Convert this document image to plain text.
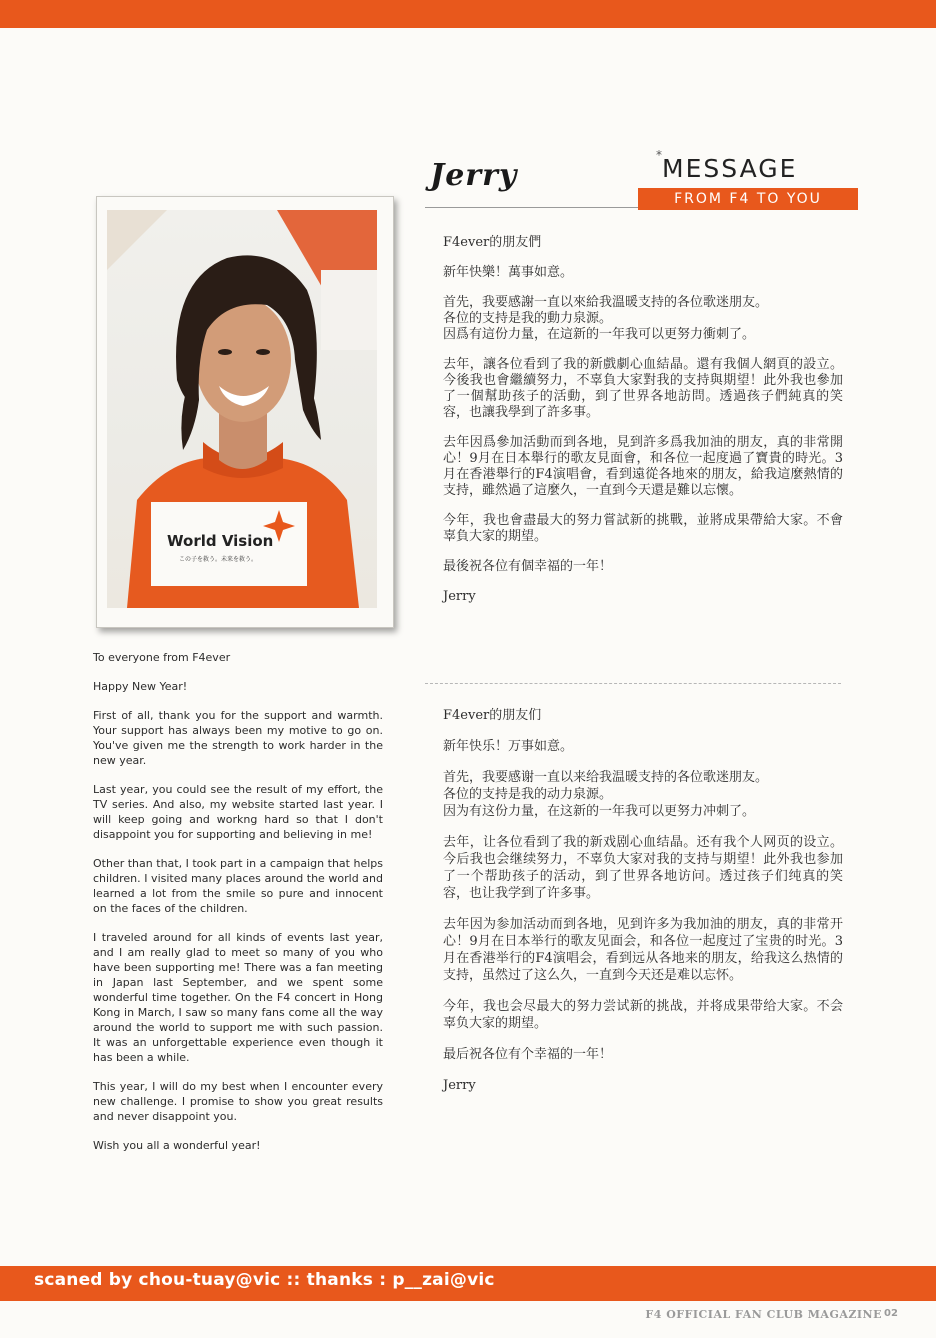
Jerry
* MESSAGE
FROM F4 TO YOU
World Vision
この子を救う。未来を救う。

To everyone from F4ever

Happy New Year!

First of all, thank you for the support and warmth. Your support has always been my motive to go on. You've given me the strength to work harder in the new year.

Last year, you could see the result of my effort, the TV series. And also, my website started last year. I will keep going and workng hard so that I don't disappoint you for supporting and believing in me!

Other than that, I took part in a campaign that helps children. I visited many places around the world and learned a lot from the smile so pure and innocent on the faces of the children.

I traveled around for all kinds of events last year, and I am really glad to meet so many of you who have been supporting me! There was a fan meeting in Japan last September, and we spent some wonderful time together. On the F4 concert in Hong Kong in March, I saw so many fans come all the way around the world to support me with such passion. It was an unforgettable experience even though it has been a while.

This year, I will do my best when I encounter every new challenge. I promise to show you great results and never disappoint you.

Wish you all a wonderful year!

F4ever的朋友們

新年快樂！萬事如意。

首先，我要感謝一直以來給我溫暖支持的各位歌迷朋友。
各位的支持是我的動力泉源。
因爲有這份力量，在這新的一年我可以更努力衝刺了。

去年，讓各位看到了我的新戲劇心血結晶。還有我個人網頁的設立。今後我也會繼續努力，不辜負大家對我的支持與期望！此外我也參加了一個幫助孩子的活動，到了世界各地訪問。透過孩子們純真的笑容，也讓我學到了許多事。

去年因爲參加活動而到各地，見到許多爲我加油的朋友，真的非常開心！9月在日本舉行的歌友見面會，和各位一起度過了寶貴的時光。3月在香港舉行的F4演唱會，看到遠從各地來的朋友，給我這麼熱情的支持，雖然過了這麼久，一直到今天還是難以忘懷。

今年，我也會盡最大的努力嘗試新的挑戰，並將成果帶給大家。不會辜負大家的期望。

最後祝各位有個幸福的一年！

Jerry

F4ever的朋友们

新年快乐！万事如意。

首先，我要感谢一直以来给我温暖支持的各位歌迷朋友。
各位的支持是我的动力泉源。
因为有这份力量，在这新的一年我可以更努力冲刺了。

去年，让各位看到了我的新戏剧心血结晶。还有我个人网页的设立。今后我也会继续努力，不辜负大家对我的支持与期望！此外我也参加了一个帮助孩子的活动，到了世界各地访问。透过孩子们纯真的笑容，也让我学到了许多事。

去年因为参加活动而到各地，见到许多为我加油的朋友，真的非常开心！9月在日本举行的歌友见面会，和各位一起度过了宝贵的时光。3月在香港举行的F4演唱会，看到远从各地来的朋友，给我这么热情的支持，虽然过了这么久，一直到今天还是难以忘怀。

今年，我也会尽最大的努力尝试新的挑战，并将成果带给大家。不会辜负大家的期望。

最后祝各位有个幸福的一年！

Jerry

scaned by chou-tuay@vic :: thanks : p__zai@vic
F4 OFFICIAL FAN CLUB MAGAZINE 02
